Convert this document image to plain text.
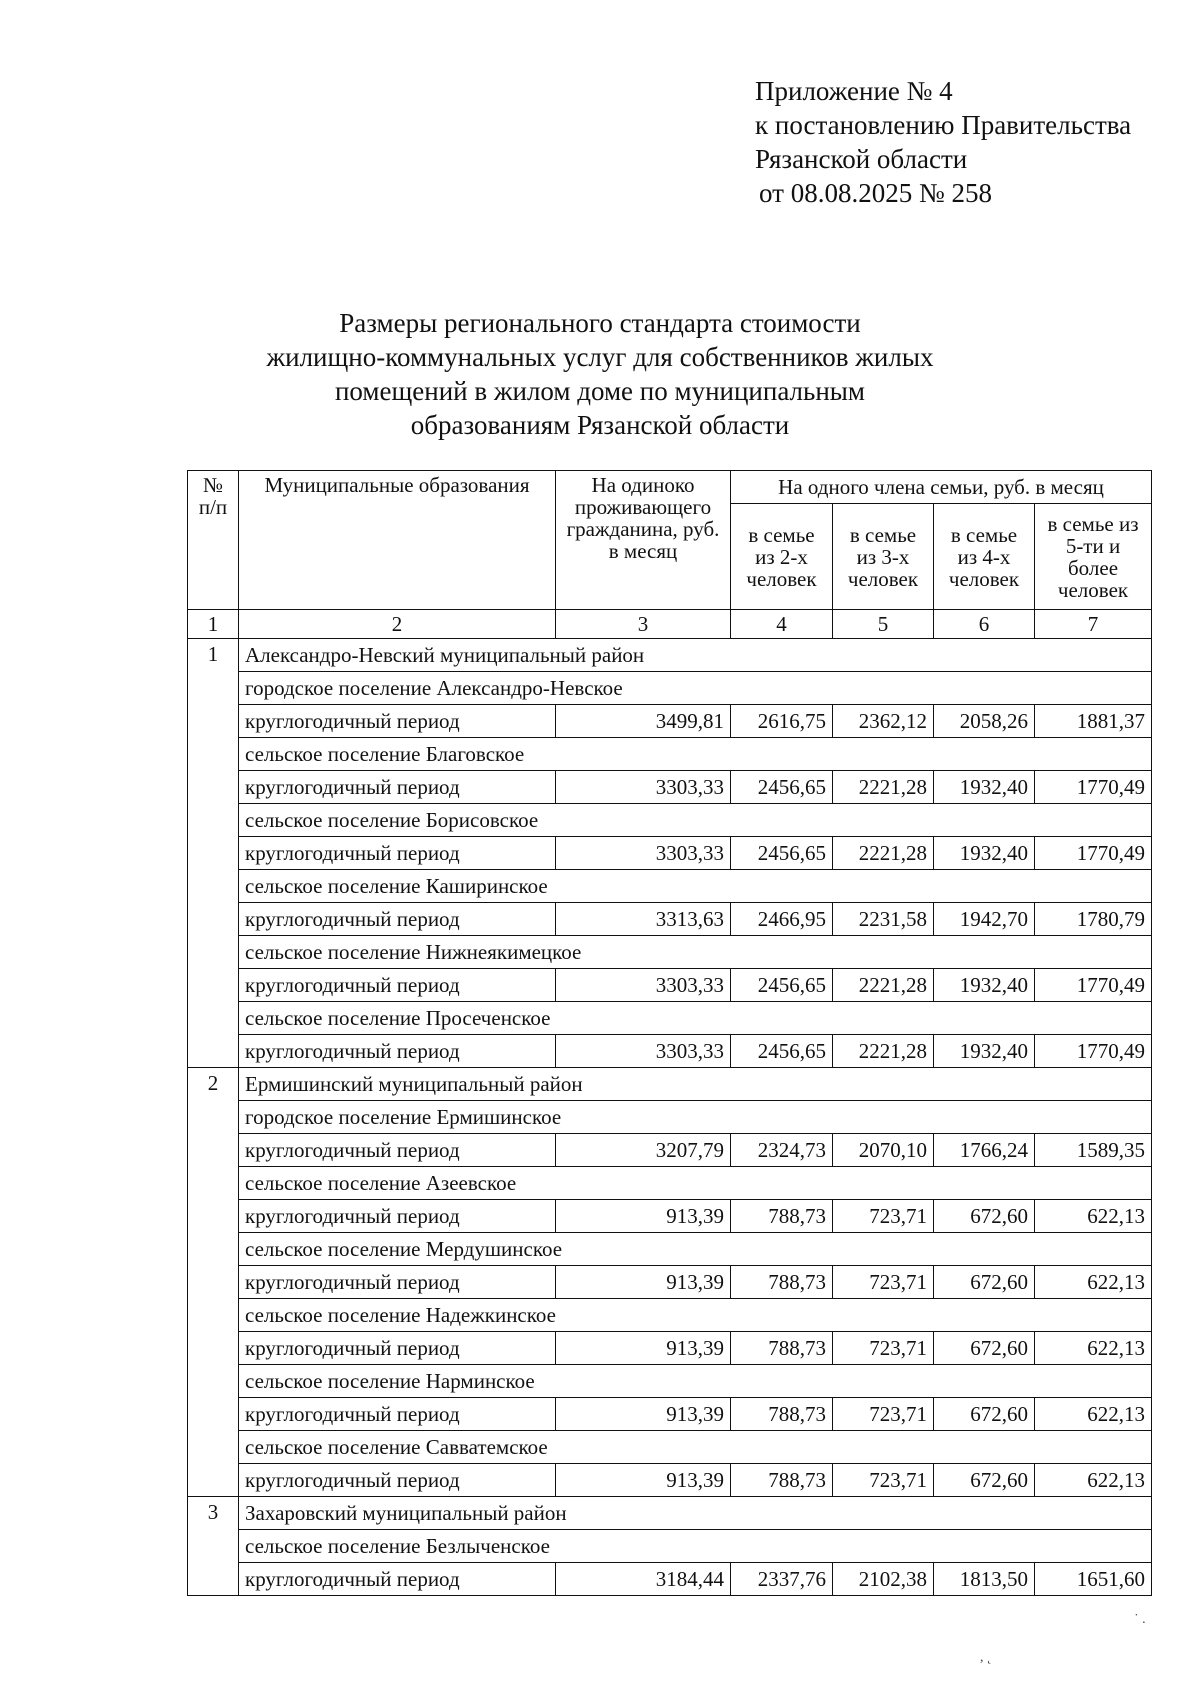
Приложение № 4
к постановлению Правительства
Рязанской области
от 08.08.2025 № 258
Размеры регионального стандарта стоимости
жилищно-коммунальных услуг для собственников жилых
помещений в жилом доме по муниципальным
образованиям Рязанской области
№ п/п	Муниципальные образования	На одиноко проживающего гражданина, руб. в месяц	На одного члена семьи, руб. в месяц			
			в семье из 2-х человек	в семье из 3-х человек	в семье из 4-х человек	в семье из 5-ти и более человек
1	2	3	4	5	6	7
1	Александро-Невский муниципальный район					
	городское поселение Александро-Невское					
	круглогодичный период	3499,81	2616,75	2362,12	2058,26	1881,37
	сельское поселение Благовское					
	круглогодичный период	3303,33	2456,65	2221,28	1932,40	1770,49
	сельское поселение Борисовское					
	круглогодичный период	3303,33	2456,65	2221,28	1932,40	1770,49
	сельское поселение Каширинское					
	круглогодичный период	3313,63	2466,95	2231,58	1942,70	1780,79
	сельское поселение Нижнеякимецкое					
	круглогодичный период	3303,33	2456,65	2221,28	1932,40	1770,49
	сельское поселение Просеченское					
	круглогодичный период	3303,33	2456,65	2221,28	1932,40	1770,49
2	Ермишинский муниципальный район					
	городское поселение Ермишинское					
	круглогодичный период	3207,79	2324,73	2070,10	1766,24	1589,35
	сельское поселение Азеевское					
	круглогодичный период	913,39	788,73	723,71	672,60	622,13
	сельское поселение Мердушинское					
	круглогодичный период	913,39	788,73	723,71	672,60	622,13
	сельское поселение Надежкинское					
	круглогодичный период	913,39	788,73	723,71	672,60	622,13
	сельское поселение Нарминское					
	круглогодичный период	913,39	788,73	723,71	672,60	622,13
	сельское поселение Савватемское					
	круглогодичный период	913,39	788,73	723,71	672,60	622,13
3	Захаровский муниципальный район					
	сельское поселение Безлыченское					
	круглогодичный период	3184,44	2337,76	2102,38	1813,50	1651,60
˙ .
, ˛
